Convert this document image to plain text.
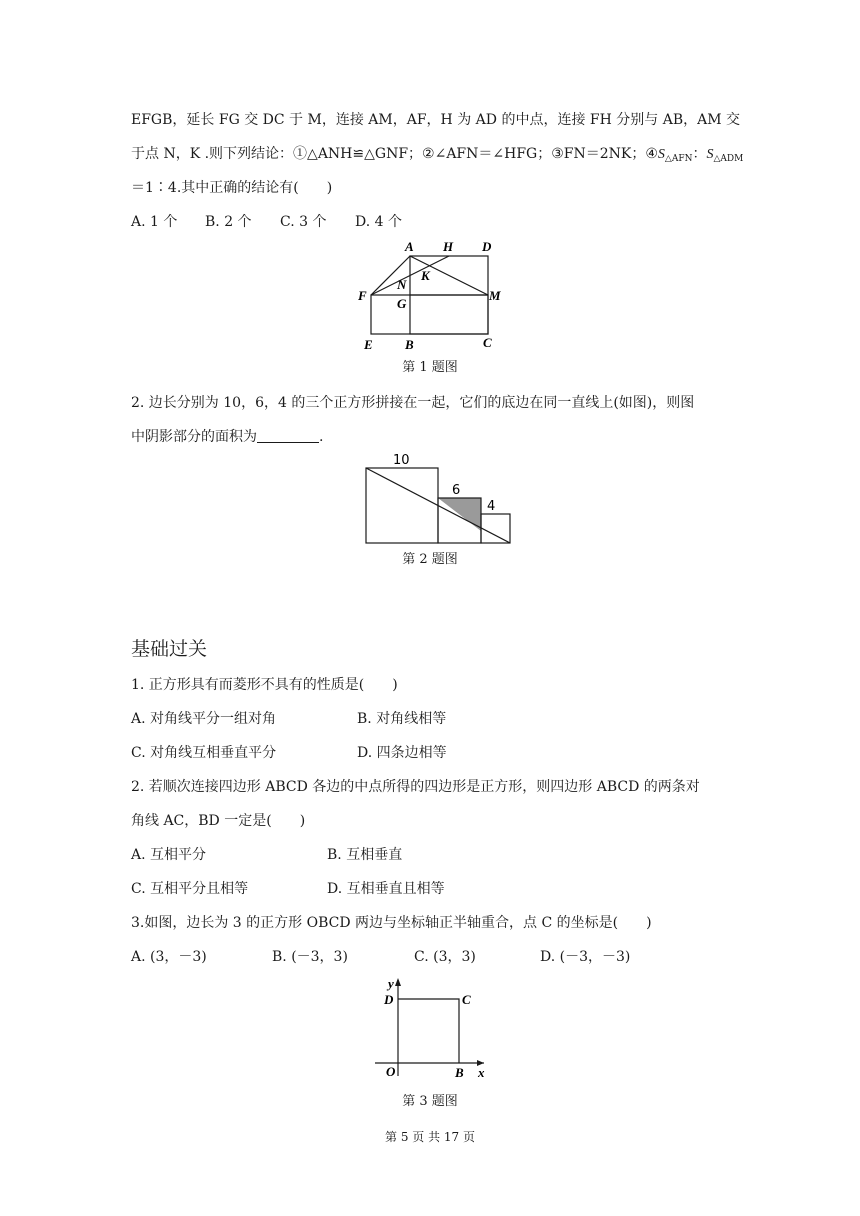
EFGB，延长 FG 交 DC 于 M，连接 AM，AF，H 为 AD 的中点，连接 FH 分别与 AB，AM 交
于点 N，K .则下列结论：①△ANH≌△GNF；②∠AFN＝∠HFG；③FN＝2NK；$④S_{\triangle AFN}$：$S_{\triangle ADM}$
＝1∶4.其中正确的结论有(　　)
A. 1 个 B. 2 个 C. 3 个 D. 4 个
A H D
K
N
F
G
M
E B	C
第 1 题图
2. 边长分别为 10，6，4 的三个正方形拼接在一起，它们的底边在同一直线上(如图)，则图
中阴影部分的面积为	.
10
6
4
第 2 题图
基础过关
1. 正方形具有而菱形不具有的性质是(　　)
A. 对角线平分一组对角	B. 对角线相等
C. 对角线互相垂直平分	D. 四条边相等
2. 若顺次连接四边形 ABCD 各边的中点所得的四边形是正方形，则四边形 ABCD 的两条对
角线 AC，BD 一定是(　　)
A. 互相平分	B. 互相垂直
C. 互相平分且相等	D. 互相垂直且相等
3.如图，边长为 3 的正方形 OBCD 两边与坐标轴正半轴重合，点 C 的坐标是(　　)
A. (3，－3)	B. (－3，3)	C. (3，3)	D. (－3，－3)
y
x
D	C
O	B
第 3 题图
第 5 页 共 17 页
